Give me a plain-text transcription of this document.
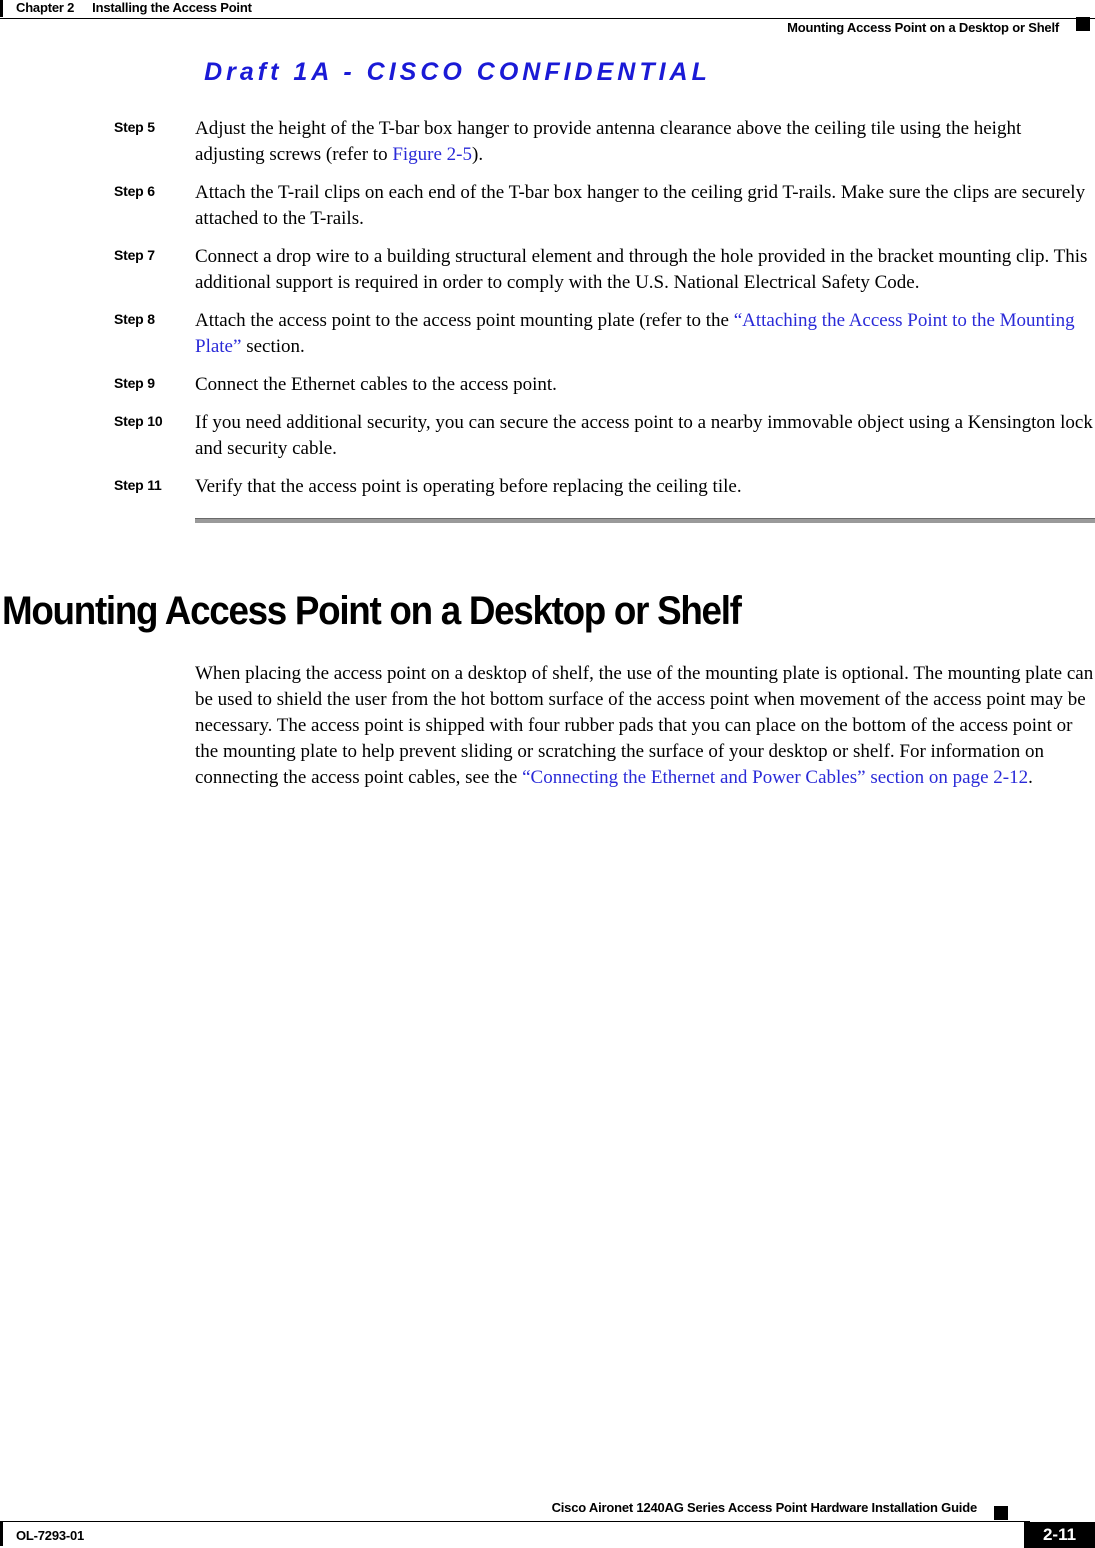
Chapter 2 Installing the Access Point
Mounting Access Point on a Desktop or Shelf
Draft 1A - CISCO CONFIDENTIAL
Step 5 Adjust the height of the T-bar box hanger to provide antenna clearance above the ceiling tile using the height adjusting screws (refer to Figure 2-5).
Step 6 Attach the T-rail clips on each end of the T-bar box hanger to the ceiling grid T-rails. Make sure the clips are securely attached to the T-rails.
Step 7 Connect a drop wire to a building structural element and through the hole provided in the bracket mounting clip. This additional support is required in order to comply with the U.S. National Electrical Safety Code.
Step 8 Attach the access point to the access point mounting plate (refer to the “Attaching the Access Point to the Mounting Plate” section.
Step 9 Connect the Ethernet cables to the access point.
Step 10 If you need additional security, you can secure the access point to a nearby immovable object using a Kensington lock and security cable.
Step 11 Verify that the access point is operating before replacing the ceiling tile.
Mounting Access Point on a Desktop or Shelf

When placing the access point on a desktop of shelf, the use of the mounting plate is optional. The mounting plate can be used to shield the user from the hot bottom surface of the access point when movement of the access point may be necessary. The access point is shipped with four rubber pads that you can place on the bottom of the access point or the mounting plate to help prevent sliding or scratching the surface of your desktop or shelf. For information on connecting the access point cables, see the “Connecting the Ethernet and Power Cables” section on page 2-12.

Cisco Aironet 1240AG Series Access Point Hardware Installation Guide
OL-7293-01	2-11
